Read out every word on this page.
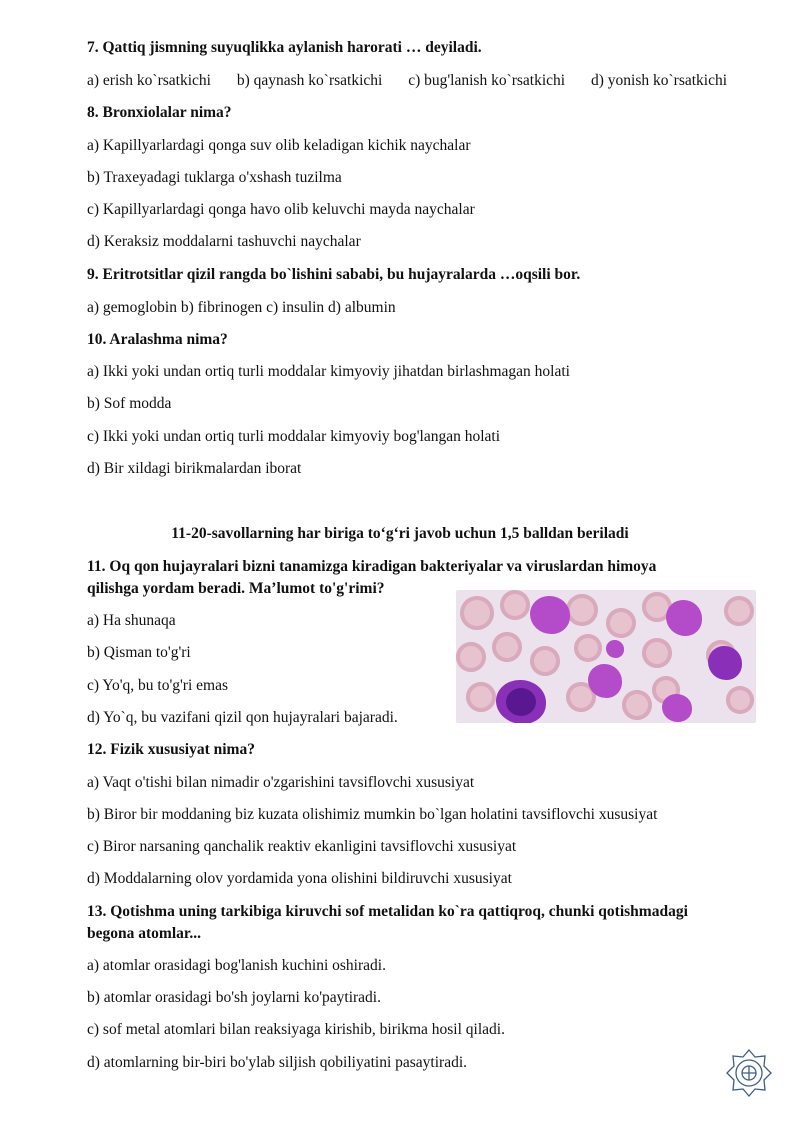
7. Qattiq jismning suyuqlikka aylanish harorati … deyiladi.
a) erish ko`rsatkichi b) qaynash ko`rsatkichi c) bug'lanish ko`rsatkichi d) yonish ko`rsatkichi
8. Bronxiolalar nima?
a) Kapillyarlardagi qonga suv olib keladigan kichik naychalar
b) Traxeyadagi tuklarga o'xshash tuzilma
c) Kapillyarlardagi qonga havo olib keluvchi mayda naychalar
d) Keraksiz moddalarni tashuvchi naychalar
9. Eritrotsitlar qizil rangda bo`lishini sababi, bu hujayralarda …oqsili bor.
a) gemoglobin b) fibrinogen c) insulin d) albumin
10. Aralashma nima?
a) Ikki yoki undan ortiq turli moddalar kimyoviy jihatdan birlashmagan holati
b) Sof modda
c) Ikki yoki undan ortiq turli moddalar kimyoviy bog'langan holati
d) Bir xildagi birikmalardan iborat
11-20-savollarning har biriga to‘g‘ri javob uchun 1,5 balldan beriladi
11. Oq qon hujayralari bizni tanamizga kiradigan bakteriyalar va viruslardan himoya
qilishga yordam beradi. Ma’lumot to'g'rimi?
a) Ha shunaqa
b) Qisman to'g'ri
c) Yo'q, bu to'g'ri emas
d) Yo`q, bu vazifani qizil qon hujayralari bajaradi.
12. Fizik xususiyat nima?
a) Vaqt o'tishi bilan nimadir o'zgarishini tavsiflovchi xususiyat
b) Biror bir moddaning biz kuzata olishimiz mumkin bo`lgan holatini tavsiflovchi xususiyat
c) Biror narsaning qanchalik reaktiv ekanligini tavsiflovchi xususiyat
d) Moddalarning olov yordamida yona olishini bildiruvchi xususiyat
13. Qotishma uning tarkibiga kiruvchi sof metalidan ko`ra qattiqroq, chunki qotishmadagi
begona atomlar...
a) atomlar orasidagi bog'lanish kuchini oshiradi.
b) atomlar orasidagi bo'sh joylarni ko'paytiradi.
c) sof metal atomlari bilan reaksiyaga kirishib, birikma hosil qiladi.
d) atomlarning bir-biri bo'ylab siljish qobiliyatini pasaytiradi.
